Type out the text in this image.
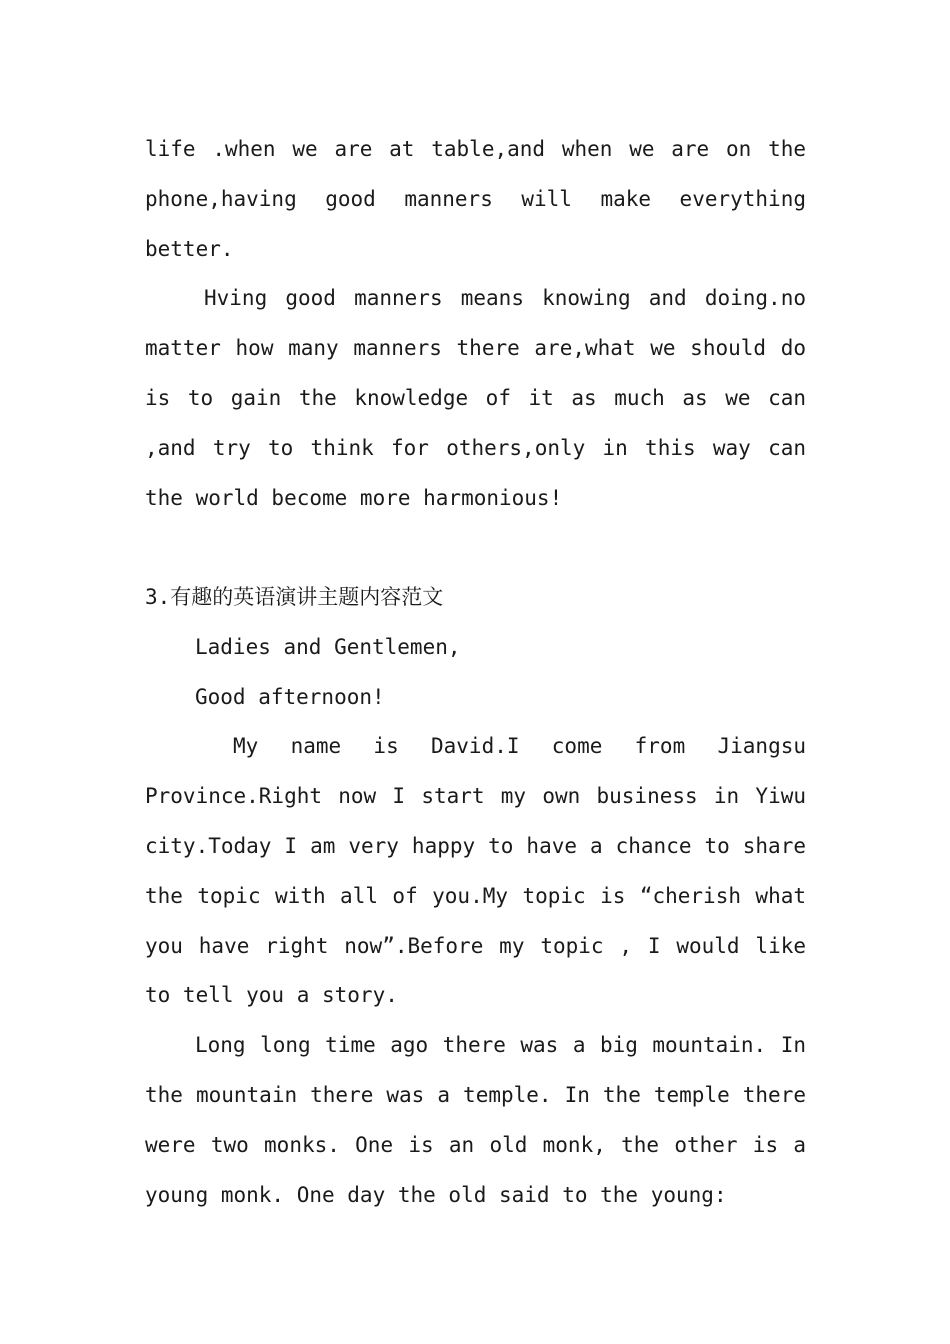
life .when we are at table,and when we are on the phone,having good manners will make everything better.

Hving good manners means knowing and doing.no matter how many manners there are,what we should do is to gain the knowledge of it as much as we can ,and try to think for others,only in this way can the world become more harmonious!

3.有趣的英语演讲主题内容范文

Ladies and Gentlemen,

Good afternoon!

My name is David.I come from Jiangsu Province.Right now I start my own business in Yiwu city.Today I am very happy to have a chance to share the topic with all of you.My topic is “cherish what you have right now”.Before my topic , I would like to tell you a story.

Long long time ago there was a big mountain. In the mountain there was a temple. In the temple there were two monks. One is an old monk, the other is a young monk. One day the old said to the young:
